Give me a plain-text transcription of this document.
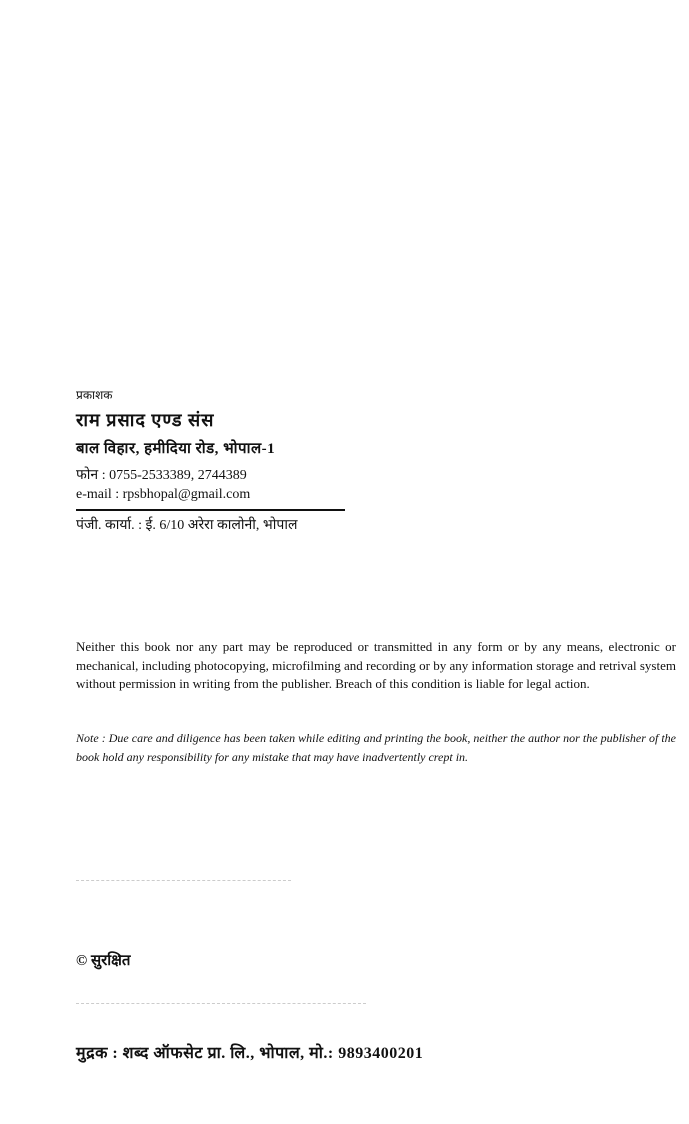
प्रकाशक
राम प्रसाद एण्ड संस
बाल विहार, हमीदिया रोड, भोपाल-1
फोन : 0755-2533389, 2744389
e-mail : rpsbhopal@gmail.com
पंजी. कार्या. : ई. 6/10 अरेरा कालोनी, भोपाल
Neither this book nor any part may be reproduced or transmitted in any form or by any means, electronic or mechanical, including photocopying, microfilming and recording or by any information storage and retrival system without permission in writing from the publisher. Breach of this condition is liable for legal action.
Note : Due care and diligence has been taken while editing and printing the book, neither the author nor the publisher of the book hold any responsibility for any mistake that may have inadvertently crept in.
© सुरक्षित
मुद्रक : शब्द ऑफसेट प्रा. लि., भोपाल, मो.: 9893400201
